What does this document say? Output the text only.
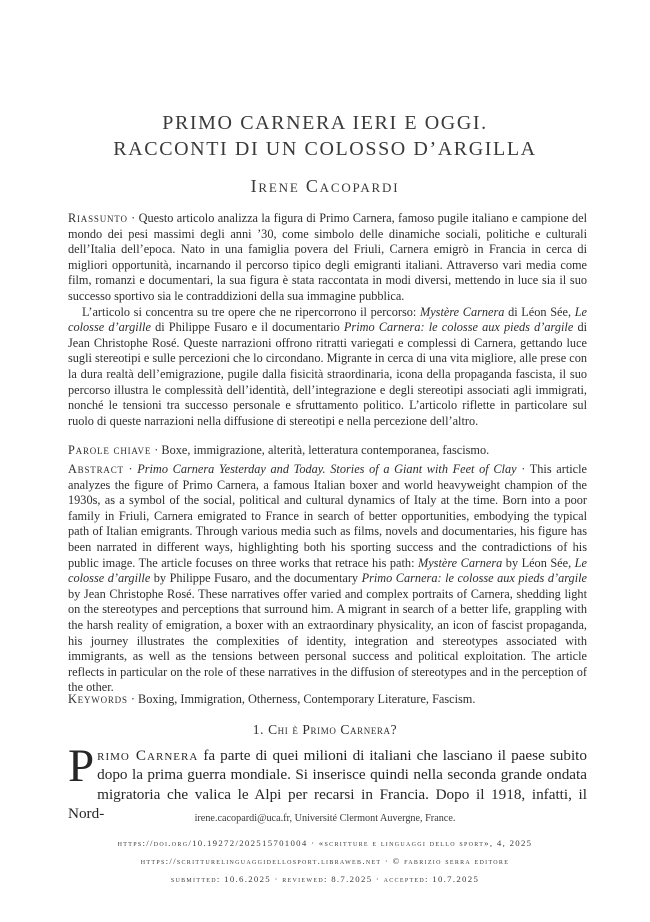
PRIMO CARNERA IERI E OGGI.
RACCONTI DI UN COLOSSO D’ARGILLA
Irene Cacopardi

Riassunto · Questo articolo analizza la figura di Primo Carnera, famoso pugile italiano e campione del mondo dei pesi massimi degli anni ’30, come simbolo delle dinamiche sociali, politiche e culturali dell’Italia dell’epoca. Nato in una famiglia povera del Friuli, Carnera emigrò in Francia in cerca di migliori opportunità, incarnando il percorso tipico degli emigranti italiani. Attraverso vari media come film, romanzi e documentari, la sua figura è stata raccontata in modi diversi, mettendo in luce sia il suo successo sportivo sia le contraddizioni della sua immagine pubblica.

L’articolo si concentra su tre opere che ne ripercorrono il percorso: Mystère Carnera di Léon Sée, Le colosse d’argille di Philippe Fusaro e il documentario Primo Carnera: le colosse aux pieds d’argile di Jean Christophe Rosé. Queste narrazioni offrono ritratti variegati e complessi di Carnera, gettando luce sugli stereotipi e sulle percezioni che lo circondano. Migrante in cerca di una vita migliore, alle prese con la dura realtà dell’emigrazione, pugile dalla fisicità straordinaria, icona della propaganda fascista, il suo percorso illustra le complessità dell’identità, dell’integrazione e degli stereotipi associati agli immigrati, nonché le tensioni tra successo personale e sfruttamento politico. L’articolo riflette in particolare sul ruolo di queste narrazioni nella diffusione di stereotipi e nella percezione dell’altro.

Parole chiave · Boxe, immigrazione, alterità, letteratura contemporanea, fascismo.
Abstract · Primo Carnera Yesterday and Today. Stories of a Giant with Feet of Clay · This article analyzes the figure of Primo Carnera, a famous Italian boxer and world heavyweight champion of the 1930s, as a symbol of the social, political and cultural dynamics of Italy at the time. Born into a poor family in Friuli, Carnera emigrated to France in search of better opportunities, embodying the typical path of Italian emigrants. Through various media such as films, novels and documentaries, his figure has been narrated in different ways, highlighting both his sporting success and the contradictions of his public image. The article focuses on three works that retrace his path: Mystère Carnera by Léon Sée, Le colosse d’argille by Philippe Fusaro, and the documentary Primo Carnera: le colosse aux pieds d’argile by Jean Christophe Rosé. These narratives offer varied and complex portraits of Carnera, shedding light on the stereotypes and perceptions that surround him. A migrant in search of a better life, grappling with the harsh reality of emigration, a boxer with an extraordinary physicality, an icon of fascist propaganda, his journey illustrates the complexities of identity, integration and stereotypes associated with immigrants, as well as the tensions between personal success and political exploitation. The article reflects in particular on the role of these narratives in the diffusion of stereotypes and in the perception of the other.
Keywords · Boxing, Immigration, Otherness, Contemporary Literature, Fascism.
1. Chi è Primo Carnera?
Primo Carnera fa parte di quei milioni di italiani che lasciano il paese subito dopo la prima guerra mondiale. Si inserisce quindi nella seconda grande ondata migratoria che valica le Alpi per recarsi in Francia. Dopo il 1918, infatti, il Nord-	irene.cacopardi@uca.fr, Université Clermont Auvergne, France.
https://doi.org/10.19272/202515701004 · «scritture e linguaggi dello sport», 4, 2025
https://scritturelinguaggidellosport.libraweb.net · © fabrizio serra editore
submitted: 10.6.2025 · reviewed: 8.7.2025 · accepted: 10.7.2025
